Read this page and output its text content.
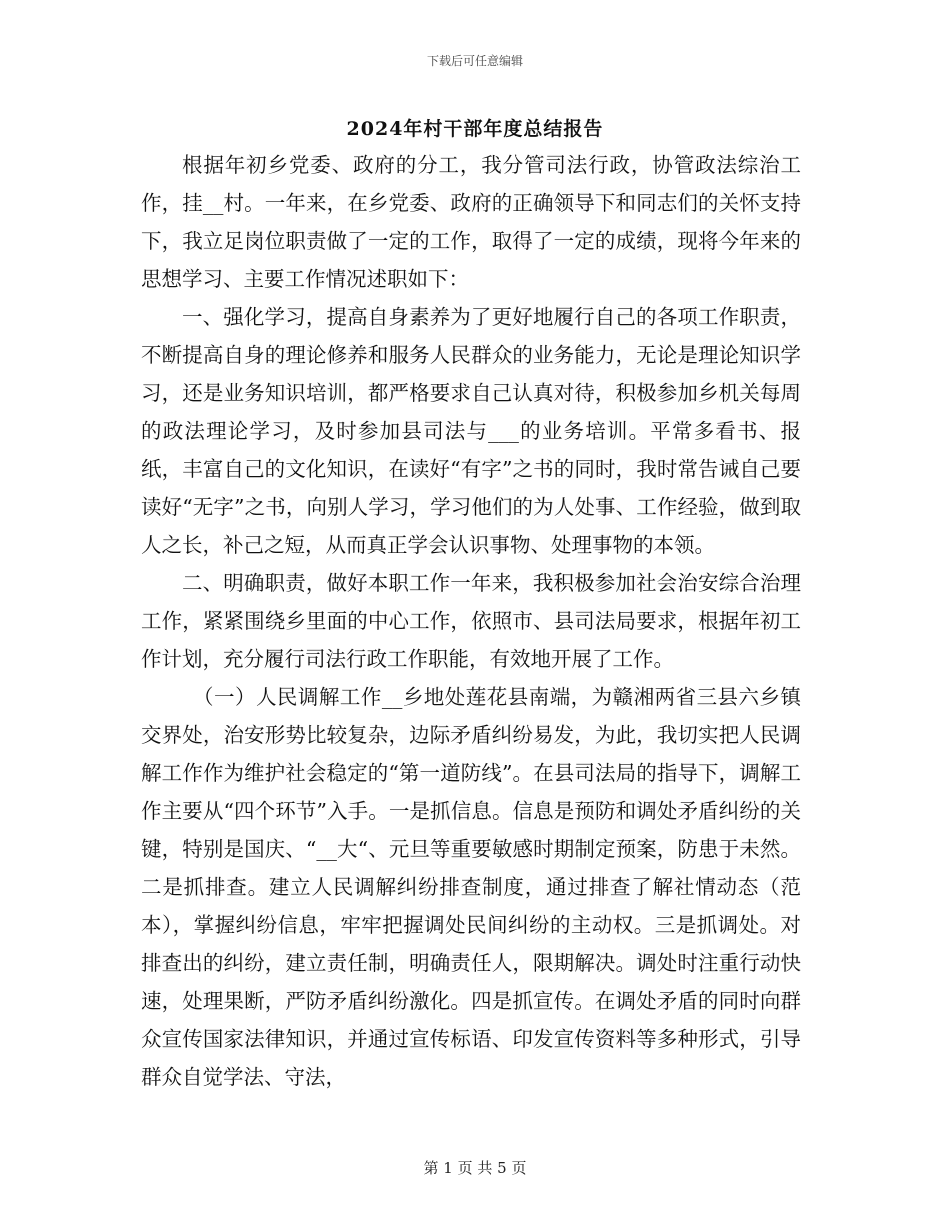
下载后可任意编辑
2024年村干部年度总结报告

根据年初乡党委、政府的分工，我分管司法行政，协管政法综治工作，挂__村。一年来，在乡党委、政府的正确领导下和同志们的关怀支持下，我立足岗位职责做了一定的工作，取得了一定的成绩，现将今年来的思想学习、主要工作情况述职如下：

一、强化学习，提高自身素养为了更好地履行自己的各项工作职责，不断提高自身的理论修养和服务人民群众的业务能力，无论是理论知识学习，还是业务知识培训，都严格要求自己认真对待，积极参加乡机关每周的政法理论学习，及时参加县司法与___的业务培训。平常多看书、报纸，丰富自己的文化知识，在读好“有字”之书的同时，我时常告诫自己要读好“无字”之书，向别人学习，学习他们的为人处事、工作经验，做到取人之长，补己之短，从而真正学会认识事物、处理事物的本领。

二、明确职责，做好本职工作一年来，我积极参加社会治安综合治理工作，紧紧围绕乡里面的中心工作，依照市、县司法局要求，根据年初工作计划，充分履行司法行政工作职能，有效地开展了工作。

（一）人民调解工作__乡地处莲花县南端，为赣湘两省三县六乡镇交界处，治安形势比较复杂，边际矛盾纠纷易发，为此，我切实把人民调解工作作为维护社会稳定的“第一道防线”。在县司法局的指导下，调解工作主要从“四个环节”入手。一是抓信息。信息是预防和调处矛盾纠纷的关键，特别是国庆、“__大“、元旦等重要敏感时期制定预案，防患于未然。二是抓排查。建立人民调解纠纷排查制度，通过排查了解社情动态（范本），掌握纠纷信息，牢牢把握调处民间纠纷的主动权。三是抓调处。对排查出的纠纷，建立责任制，明确责任人，限期解决。调处时注重行动快速，处理果断，严防矛盾纠纷激化。四是抓宣传。在调处矛盾的同时向群众宣传国家法律知识，并通过宣传标语、印发宣传资料等多种形式，引导群众自觉学法、守法，

第 1 页 共 5 页
